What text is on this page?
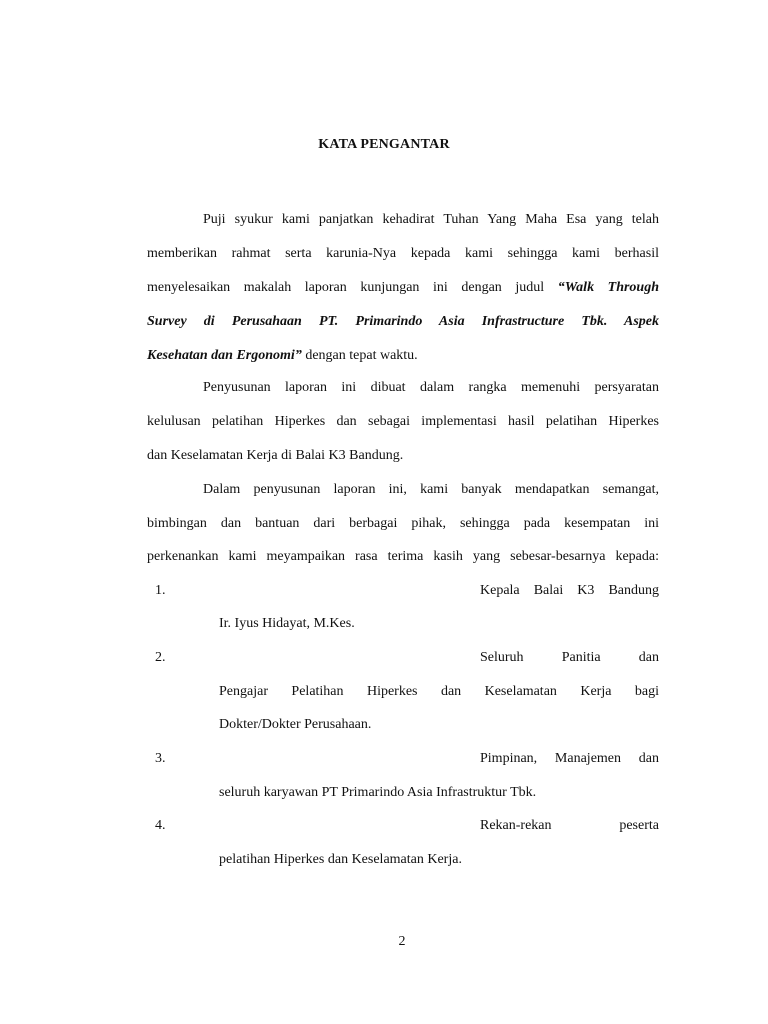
KATA PENGANTAR
Puji syukur kami panjatkan kehadirat Tuhan Yang Maha Esa yang telah
memberikan rahmat serta karunia-Nya kepada kami sehingga kami berhasil
menyelesaikan makalah laporan kunjungan ini dengan judul “Walk Through
Survey di Perusahaan PT. Primarindo Asia Infrastructure Tbk. Aspek
Kesehatan dan Ergonomi” dengan tepat waktu.
Penyusunan laporan ini dibuat dalam rangka memenuhi persyaratan
kelulusan pelatihan Hiperkes dan sebagai implementasi hasil pelatihan Hiperkes
dan Keselamatan Kerja di Balai K3 Bandung.
Dalam penyusunan laporan ini, kami banyak mendapatkan semangat,
bimbingan dan bantuan dari berbagai pihak, sehingga pada kesempatan ini
perkenankan kami meyampaikan rasa terima kasih yang sebesar-besarnya kepada:
1.	Kepala Balai K3 Bandung
Ir. Iyus Hidayat, M.Kes.
2.	Seluruh Panitia dan
Pengajar Pelatihan Hiperkes dan Keselamatan Kerja bagi
Dokter/Dokter Perusahaan.
3.	Pimpinan, Manajemen dan
seluruh karyawan PT Primarindo Asia Infrastruktur Tbk.
4.	Rekan-rekan peserta
pelatihan Hiperkes dan Keselamatan Kerja.
2
